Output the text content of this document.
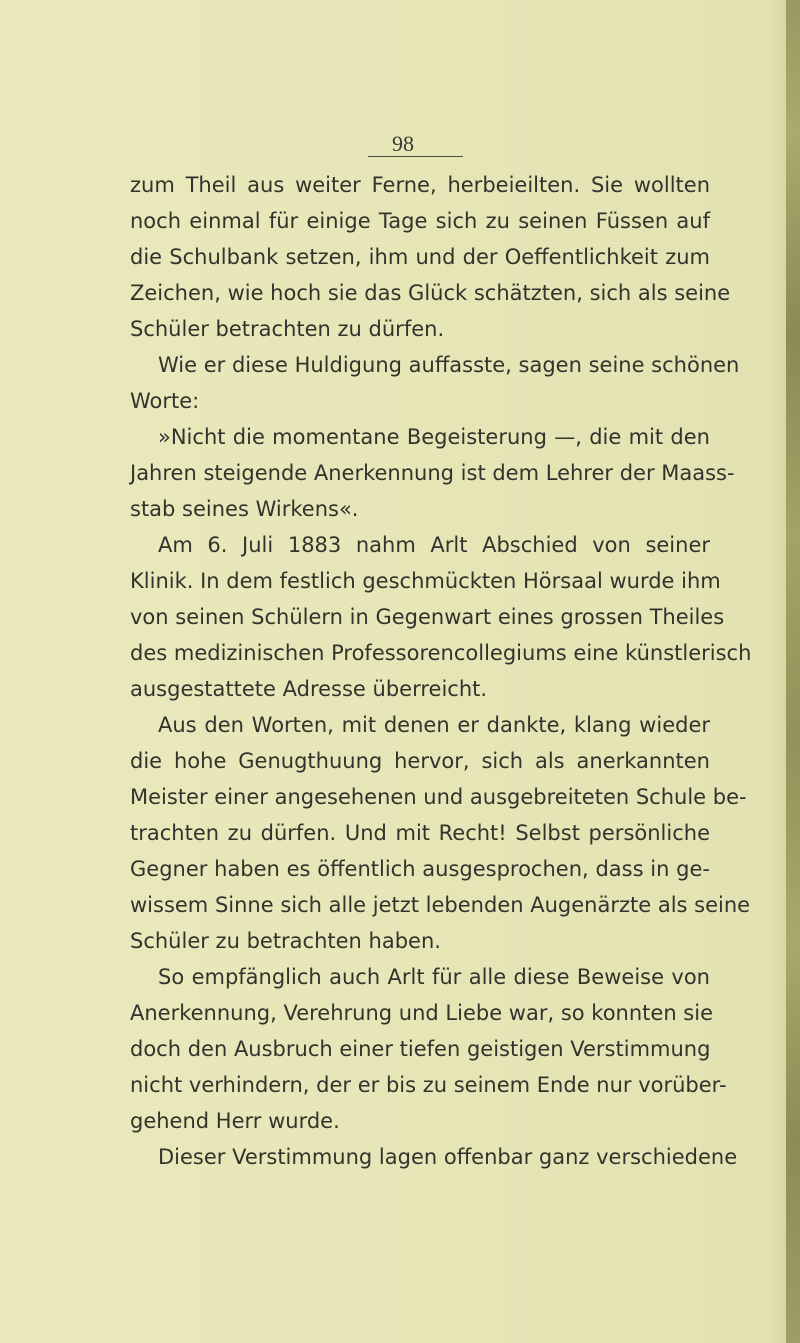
98
zum Theil aus weiter Ferne, herbeieilten. Sie wollten
noch einmal für einige Tage sich zu seinen Füssen auf
die Schulbank setzen, ihm und der Oeffentlichkeit zum
Zeichen, wie hoch sie das Glück schätzten, sich als seine
Schüler betrachten zu dürfen.
Wie er diese Huldigung auffasste, sagen seine schönen
Worte:
»Nicht die momentane Begeisterung —, die mit den
Jahren steigende Anerkennung ist dem Lehrer der Maass-
stab seines Wirkens«.
Am 6. Juli 1883 nahm Arlt Abschied von seiner
Klinik. In dem festlich geschmückten Hörsaal wurde ihm
von seinen Schülern in Gegenwart eines grossen Theiles
des medizinischen Professorencollegiums eine künstlerisch
ausgestattete Adresse überreicht.
Aus den Worten, mit denen er dankte, klang wieder
die hohe Genugthuung hervor, sich als anerkannten
Meister einer angesehenen und ausgebreiteten Schule be-
trachten zu dürfen. Und mit Recht! Selbst persönliche
Gegner haben es öffentlich ausgesprochen, dass in ge-
wissem Sinne sich alle jetzt lebenden Augenärzte als seine
Schüler zu betrachten haben.
So empfänglich auch Arlt für alle diese Beweise von
Anerkennung, Verehrung und Liebe war, so konnten sie
doch den Ausbruch einer tiefen geistigen Verstimmung
nicht verhindern, der er bis zu seinem Ende nur vorüber-
gehend Herr wurde.
Dieser Verstimmung lagen offenbar ganz verschiedene
